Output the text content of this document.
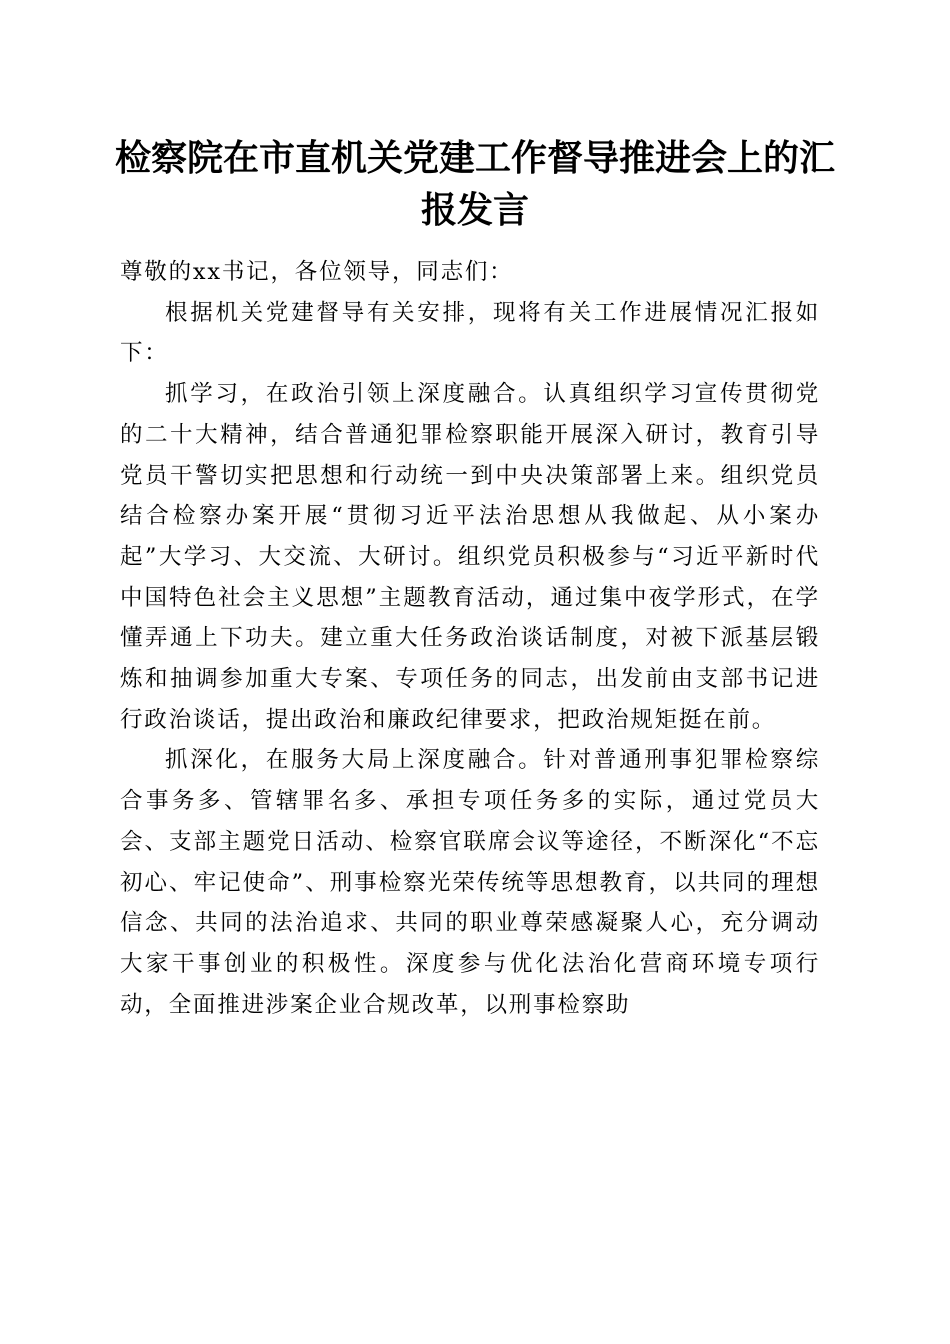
检察院在市直机关党建工作督导推进会上的汇报发言

尊敬的xx书记，各位领导，同志们：

根据机关党建督导有关安排，现将有关工作进展情况汇报如下：

抓学习，在政治引领上深度融合。认真组织学习宣传贯彻党的二十大精神，结合普通犯罪检察职能开展深入研讨，教育引导党员干警切实把思想和行动统一到中央决策部署上来。组织党员结合检察办案开展“贯彻习近平法治思想从我做起、从小案办起”大学习、大交流、大研讨。组织党员积极参与“习近平新时代中国特色社会主义思想”主题教育活动，通过集中夜学形式，在学懂弄通上下功夫。建立重大任务政治谈话制度，对被下派基层锻炼和抽调参加重大专案、专项任务的同志，出发前由支部书记进行政治谈话，提出政治和廉政纪律要求，把政治规矩挺在前。

抓深化，在服务大局上深度融合。针对普通刑事犯罪检察综合事务多、管辖罪名多、承担专项任务多的实际，通过党员大会、支部主题党日活动、检察官联席会议等途径，不断深化“不忘初心、牢记使命”、刑事检察光荣传统等思想教育，以共同的理想信念、共同的法治追求、共同的职业尊荣感凝聚人心，充分调动大家干事创业的积极性。深度参与优化法治化营商环境专项行动，全面推进涉案企业合规改革，以刑事检察助
